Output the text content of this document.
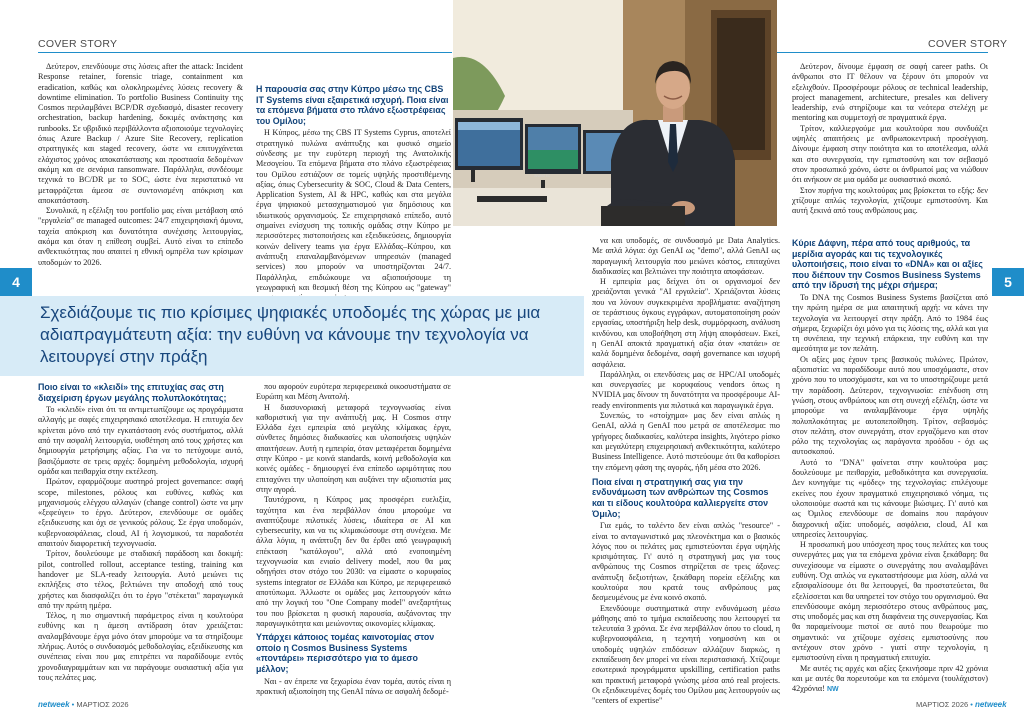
COVER STORY	COVER STORY
4	5
INVENTEC

Δεύτερον, επενδύουμε στις λύσεις after the attack: Incident Response retainer, forensic triage, containment και eradication, καθώς και ολοκληρωμένες λύσεις recovery & downtime elimination. Το portfolio Business Continuity της Cosmos περιλαμβάνει BCP/DR σχεδιασμό, disaster recovery orchestration, backup hardening, δοκιμές ανάκτησης και runbooks. Σε υβριδικό περιβάλλοντα αξιοποιούμε τεχνολογίες όπως Azure Backup / Azure Site Recovery, replication στρατηγικές και staged recovery, ώστε να επιτυγχάνεται ελάχιστος χρόνος αποκατάστασης και προστασία δεδομένων ακόμη και σε σενάρια ransomware. Παράλληλα, συνδέουμε τεχνικά το BC/DR με το SOC, ώστε ένα περιστατικό να μεταφράζεται άμεσα σε συντονισμένη απόκριση και αποκατάσταση.

Συνολικά, η εξέλιξη του portfolio μας είναι μετάβαση από "εργαλεία" σε managed outcomes: 24/7 επιχειρησιακή άμυνα, ταχεία απόκριση και δυνατότητα συνέχισης λειτουργίας, ακόμα και όταν η επίθεση συμβεί. Αυτό είναι το επίπεδο ανθεκτικότητας που απαιτεί η εθνική ομπρέλα των κρίσιμων υποδομών το 2026.

Η παρουσία σας στην Κύπρο μέσω της CBS IT Systems είναι εξαιρετικά ισχυρή. Ποια είναι τα επόμενα βήματα στο πλάνο εξωστρέφειας του Ομίλου;

Η Κύπρος, μέσω της CBS IT Systems Cyprus, αποτελεί στρατηγικό πυλώνα ανάπτυξης και φυσικό σημείο σύνδεσης με την ευρύτερη περιοχή της Ανατολικής Μεσογείου. Τα επόμενα βήματα στο πλάνο εξωστρέφειας του Ομίλου εστιάζουν σε τομείς υψηλής προστιθέμενης αξίας, όπως Cybersecurity & SOC, Cloud & Data Centers, Application System, AI & HPC, καθώς και στα μεγάλα έργα ψηφιακού μετασχηματισμού για δημόσιους και ιδιωτικούς οργανισμούς. Σε επιχειρησιακό επίπεδο, αυτό σημαίνει ενίσχυση της τοπικής ομάδας στην Κύπρο με περισσότερες πιστοποιήσεις και εξειδικεύσεις, δημιουργία κοινών delivery teams για έργα Ελλάδας–Κύπρου, και ανάπτυξη επαναλαμβανόμενων υπηρεσιών (managed services) που μπορούν να υποστηρίζονται 24/7. Παράλληλα, επιδιώκουμε να αξιοποιήσουμε τη γεωγραφική και θεσμική θέση της Κύπρου ως "gateway"

Σχεδιάζουμε τις πιο κρίσιμες ψηφιακές υποδομές της χώρας με μια αδιαπραγμάτευτη αξία: την ευθύνη να κάνουμε την τεχνολογία να λειτουργεί στην πράξη

Ποιο είναι το «κλειδί» της επιτυχίας σας στη διαχείριση έργων μεγάλης πολυπλοκότητας;

Το «κλειδί» είναι ότι τα αντιμετωπίζουμε ως προγράμματα αλλαγής με σαφές επιχειρησιακό αποτέλεσμα. Η επιτυχία δεν κρίνεται μόνο από την εγκατάσταση ενός συστήματος, αλλά από την ασφαλή λειτουργία, υιοθέτηση από τους χρήστες και δημιουργία μετρήσιμης αξίας. Για να το πετύχουμε αυτό, βασιζόμαστε σε τρεις αρχές: δομημένη μεθοδολογία, ισχυρή ομάδα και πειθαρχία στην εκτέλεση.

Πρώτον, εφαρμόζουμε αυστηρό project governance: σαφή scope, milestones, ρόλους και ευθύνες, καθώς και μηχανισμούς ελέγχου αλλαγών (change control) ώστε να μην «ξεφεύγει» το έργο. Δεύτερον, επενδύουμε σε ομάδες εξειδικευσης και όχι σε γενικούς ρόλους. Σε έργα υποδομών, κυβερνοασφάλειας, cloud, AI ή λογισμικού, τα παραδοτέα απαιτούν διαφορετική τεχνογνωσία.

Τρίτον, δουλεύουμε με σταδιακή παράδοση και δοκιμή: pilot, controlled rollout, acceptance testing, training και handover με SLA-ready λειτουργία. Αυτό μειώνει τις εκπλήξεις στο τέλος, βελτιώνει την αποδοχή από τους χρήστες και διασφαλίζει ότι το έργο "στέκεται" παραγωγικά από την πρώτη ημέρα.

Τέλος, η πιο σημαντική παράμετρος είναι η κουλτούρα ευθύνης και η άμεση αντίδραση όταν χρειάζεται: αναλαμβάνουμε έργα μόνο όταν μπορούμε να τα στηρίξουμε πλήρως. Αυτός ο συνδυασμός μεθοδολογίας, εξειδίκευσης και συνέπειας είναι που μας επιτρέπει να παραδίδουμε εντός χρονοδιαγραμμάτων και να παράγουμε ουσιαστική αξία για τους πελάτες μας.

που αφορούν ευρύτερα περιφερειακά οικοσυστήματα σε Ευρώπη και Μέση Ανατολή.

Η διασυνοριακή μεταφορά τεχνογνωσίας είναι καθοριστική για την ανάπτυξή μας. Η Cosmos στην Ελλάδα έχει εμπειρία από μεγάλης κλίμακας έργα, σύνθετες δημόσιες διαδικασίες και υλοποιήσεις υψηλών απαιτήσεων. Αυτή η εμπειρία, όταν μεταφέρεται δομημένα στην Κύπρο - με κοινά standards, κοινή μεθοδολογία και κοινές ομάδες - δημιουργεί ένα επίπεδο ωριμότητας που επιταχύνει την υλοποίηση και αυξάνει την αξιοπιστία μας στην αγορά.

Ταυτόχρονα, η Κύπρος μας προσφέρει ευελιξία, ταχύτητα και ένα περιβάλλον όπου μπορούμε να αναπτύξουμε πιλοτικές λύσεις, ιδιαίτερα σε AI και cybersecurity, και να τις κλιμακώσουμε στη συνέχεια. Με άλλα λόγια, η ανάπτυξη δεν θα έρθει από γεωγραφική επέκταση "κατάλογου", αλλά από ενοποιημένη τεχνογνωσία και ενιαίο delivery model, που θα μας οδηγήσει στον στόχο του 2030: να είμαστε ο κορυφαίος systems integrator σε Ελλάδα και Κύπρο, με περιφερειακό αποτύπωμα. Άλλωστε οι ομάδες μας λειτουργούν κάτω από την λογική του "One Company model" ανεξαρτήτως του που βρίσκεται η φυσική παρουσία, αυξάνοντας την παραγωγικότητα και μειώνοντας οικονομίες κλίμακας.

Υπάρχει κάποιος τομέας καινοτομίας στον οποίο η Cosmos Business Systems «ποντάρει» περισσότερο για το άμεσο μέλλον;

Ναι - αν έπρεπε να ξεχωρίσω έναν τομέα, αυτός είναι η πρακτική αξιοποίηση της GenAI πάνω σε ασφαλή δεδομέ-

να και υποδομές, σε συνδυασμό με Data Analytics. Με απλά λόγια: όχι GenAI ως "demo", αλλά GenAI ως παραγωγική λειτουργία που μειώνει κόστος, επιταχύνει διαδικασίες και βελτιώνει την ποιότητα αποφάσεων.

Η εμπειρία μας δείχνει ότι οι οργανισμοί δεν χρειάζονται γενικά "AI εργαλεία". Χρειάζονται λύσεις που να λύνουν συγκεκριμένα προβλήματα: αναζήτηση σε τεράστιους όγκους εγγράφων, αυτοματοποίηση ροών εργασίας, υποστήριξη help desk, συμμόρφωση, ανάλυση κινδύνου, και υποβοήθηση στη λήψη αποφάσεων. Εκεί, η GenAI αποκτά πραγματική αξία όταν «πατάει» σε καλά δομημένα δεδομένα, σαφή governance και ισχυρή ασφάλεια.

Παράλληλα, οι επενδύσεις μας σε HPC/AI υποδομές και συνεργασίες με κορυφαίους vendors όπως η NVIDIA μας δίνουν τη δυνατότητα να προσφέρουμε AI-ready environments για πιλοτικά και παραγωγικά έργα.

Συνεπώς, το «στοίχημα» μας δεν είναι απλώς η GenAI, αλλά η GenAI που μετρά σε αποτέλεσμα: πιο γρήγορες διαδικασίες, καλύτερα insights, λιγότερο ρίσκο και μεγαλύτερη επιχειρησιακή ανθεκτικότητα, καλύτερο Business Intelligence. Αυτό πιστεύουμε ότι θα καθορίσει την επόμενη φάση της αγοράς, ήδη μέσα στο 2026.

Ποια είναι η στρατηγική σας για την ενδυνάμωση των ανθρώπων της Cosmos και τι είδους κουλτούρα καλλιεργείτε στον Όμιλο;

Για εμάς, το ταλέντο δεν είναι απλώς "resource" - είναι το ανταγωνιστικό μας πλεονέκτημα και ο βασικός λόγος που οι πελάτες μας εμπιστεύονται έργα υψηλής κρισιμότητας. Γι' αυτό η στρατηγική μας για τους ανθρώπους της Cosmos στηρίζεται σε τρεις άξονες: ανάπτυξη δεξιοτήτων, ξεκάθαρη πορεία εξέλιξης και κουλτούρα που κρατά τους ανθρώπους μας δεσμευμένους με ένα κοινό σκοπό.

Επενδύουμε συστηματικά στην ενδυνάμωση μέσω μάθησης από το τμήμα εκπαίδευσης που λειτουργεί τα τελευταία 3 χρόνια. Σε ένα περιβάλλον όπου το cloud, η κυβερνοασφάλεια, η τεχνητή νοημοσύνη και οι υποδομές υψηλών επιδόσεων αλλάζουν διαρκώς, η εκπαίδευση δεν μπορεί να είναι περιστασιακή. Χτίζουμε εσωτερικά προγράμματα upskilling, certification paths και πρακτική μεταφορά γνώσης μέσα από real projects. Οι εξειδικευμένες δομές του Ομίλου μας λειτουργούν ως "centers of expertise"

Δεύτερον, δίνουμε έμφαση σε σαφή career paths. Οι άνθρωποι στο IT θέλουν να ξέρουν ότι μπορούν να εξελιχθούν. Προσφέρουμε ρόλους σε technical leadership, project management, architecture, presales και delivery leadership, ενώ στηρίζουμε και τα νεότερα στελέχη με mentoring και συμμετοχή σε πραγματικά έργα.

Τρίτον, καλλιεργούμε μια κουλτούρα που συνδυάζει υψηλές απαιτήσεις με ανθρωποκεντρική προσέγγιση. Δίνουμε έμφαση στην ποιότητα και το αποτέλεσμα, αλλά και στο συνεργασία, την εμπιστοσύνη και τον σεβασμό στον προσωπικό χρόνο, ώστε οι άνθρωποί μας να νιώθουν ότι ανήκουν σε μια ομάδα με ουσιαστικό σκοπό.

Στον πυρήνα της κουλτούρας μας βρίσκεται το εξής: δεν χτίζουμε απλώς τεχνολογία, χτίζουμε εμπιστοσύνη. Και αυτή ξεκινά από τους ανθρώπους μας.

Κύριε Δάφνη, πέρα από τους αριθμούς, τα μερίδια αγοράς και τις τεχνολογικές υλοποιήσεις, ποιο είναι το «DNA» και οι αξίες που διέπουν την Cosmos Business Systems από την ίδρυσή της μέχρι σήμερα;

Το DNA της Cosmos Business Systems βασίζεται από την πρώτη ημέρα σε μια απαιτητική αρχή: να κάνει την τεχνολογία να λειτουργεί στην πράξη. Από το 1984 έως σήμερα, ξεχωρίζει όχι μόνο για τις λύσεις της, αλλά και για τη συνέπεια, την τεχνική επάρκεια, την ευθύνη και την αμεσότητα με τον πελάτη.

Οι αξίες μας έχουν τρεις βασικούς πυλώνες. Πρώτον, αξιοπιστία: να παραδίδουμε αυτό που υποσχόμαστε, στον χρόνο που το υποσχόμαστε, και να το υποστηρίζουμε μετά την παράδοση. Δεύτερον, τεχνογνωσία: επένδυση στη γνώση, στους ανθρώπους και στη συνεχή εξέλιξη, ώστε να μπορούμε να αναλαμβάνουμε έργα υψηλής πολυπλοκότητας με αυτοπεποίθηση. Τρίτον, σεβασμός: στον πελάτη, στον συνεργάτη, στον εργαζόμενο και στον ρόλο της τεχνολογίας ως παράγοντα προόδου - όχι ως αυτοσκοπού.

Αυτό το "DNA" φαίνεται στην κουλτούρα μας: δουλεύουμε με πειθαρχία, μεθοδικότητα και συνεργασία. Δεν κυνηγάμε τις «μόδες» της τεχνολογίας: επιλέγουμε εκείνες που έχουν πραγματικό επιχειρησιακό νόημα, τις υλοποιούμε σωστά και τις κάνουμε βιώσιμες. Γι' αυτό και ως Όμιλος επενδύουμε σε domains που παράγουν διαχρονική αξία: υποδομές, ασφάλεια, cloud, AI και υπηρεσίες λειτουργίας.

Η προσωπική μου υπόσχεση προς τους πελάτες και τους συνεργάτες μας για τα επόμενα χρόνια είναι ξεκάθαρη: θα συνεχίσουμε να είμαστε ο συνεργάτης που αναλαμβάνει ευθύνη. Όχι απλώς να εγκαταστήσουμε μια λύση, αλλά να εξασφαλίσουμε ότι θα λειτουργεί, θα προστατεύεται, θα εξελίσσεται και θα υπηρετεί τον στόχο του οργανισμού. Θα επενδύσουμε ακόμη περισσότερο στους ανθρώπους μας, στις υποδομές μας και στη διαφάνεια της συνεργασίας. Και θα παραμείνουμε πιστοί σε αυτό που θεωρούμε πιο σημαντικό: να χτίζουμε σχέσεις εμπιστοσύνης που αντέχουν στον χρόνο - γιατί στην τεχνολογία, η εμπιστοσύνη είναι η πραγματική επιτυχία.

Με αυτές τις αρχές και αξίες ξεκινήσαμε πριν 42 χρόνια και με αυτές θα πορευτούμε και τα επόμενα (τουλάχιστον) 42χρόνια! NW

netweek • ΜΑΡΤΙΟΣ 2026	ΜΑΡΤΙΟΣ 2026 • netweek
